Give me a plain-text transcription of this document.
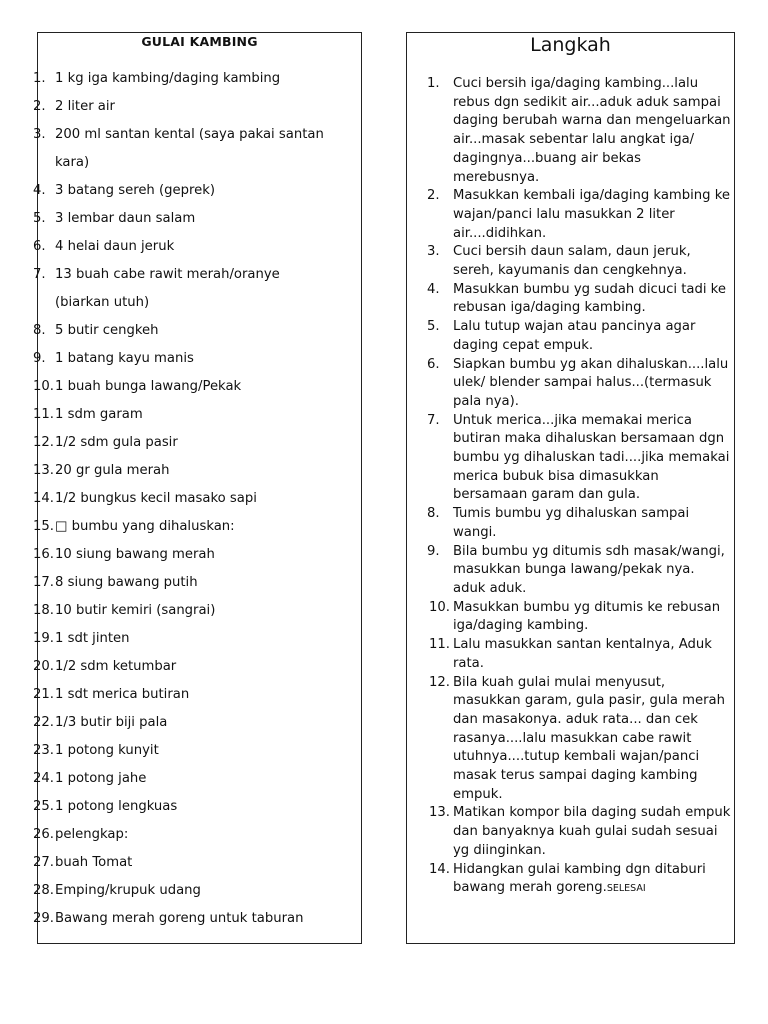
GULAI KAMBING
1. 1 kg iga kambing/daging kambing
2. 2 liter air
3. 200 ml santan kental (saya pakai santan
kara)
4. 3 batang sereh (geprek)
5. 3 lembar daun salam
6. 4 helai daun jeruk
7. 13 buah cabe rawit merah/oranye
(biarkan utuh)
8. 5 butir cengkeh
9. 1 batang kayu manis
10. 1 buah bunga lawang/Pekak
11. 1 sdm garam
12. 1/2 sdm gula pasir
13. 20 gr gula merah
14. 1/2 bungkus kecil masako sapi
15. □ bumbu yang dihaluskan:
16. 10 siung bawang merah
17. 8 siung bawang putih
18. 10 butir kemiri (sangrai)
19. 1 sdt jinten
20. 1/2 sdm ketumbar
21. 1 sdt merica butiran
22. 1/3 butir biji pala
23. 1 potong kunyit
24. 1 potong jahe
25. 1 potong lengkuas
26. pelengkap:
27. buah Tomat
28. Emping/krupuk udang
29. Bawang merah goreng untuk taburan
Langkah
1. Cuci bersih iga/daging kambing...lalu rebus dgn sedikit air...aduk aduk sampai daging berubah warna dan mengeluarkan air...masak sebentar lalu angkat iga/ dagingnya...buang air bekas merebusnya.
2. Masukkan kembali iga/daging kambing ke wajan/panci lalu masukkan 2 liter air....didihkan.
3. Cuci bersih daun salam, daun jeruk, sereh, kayumanis dan cengkehnya.
4. Masukkan bumbu yg sudah dicuci tadi ke rebusan iga/daging kambing.
5. Lalu tutup wajan atau pancinya agar daging cepat empuk.
6. Siapkan bumbu yg akan dihaluskan....lalu ulek/ blender sampai halus...(termasuk pala nya).
7. Untuk merica...jika memakai merica butiran maka dihaluskan bersamaan dgn bumbu yg dihaluskan tadi....jika memakai merica bubuk bisa dimasukkan bersamaan garam dan gula.
8. Tumis bumbu yg dihaluskan sampai wangi.
9. Bila bumbu yg ditumis sdh masak/wangi, masukkan bunga lawang/pekak nya. aduk aduk.
10. Masukkan bumbu yg ditumis ke rebusan iga/daging kambing.
11. Lalu masukkan santan kentalnya, Aduk rata.
12. Bila kuah gulai mulai menyusut, masukkan garam, gula pasir, gula merah dan masakonya. aduk rata... dan cek rasanya....lalu masukkan cabe rawit utuhnya....tutup kembali wajan/panci masak terus sampai daging kambing empuk.
13. Matikan kompor bila daging sudah empuk dan banyaknya kuah gulai sudah sesuai yg diinginkan.
14. Hidangkan gulai kambing dgn ditaburi bawang merah goreng.SELESAI
